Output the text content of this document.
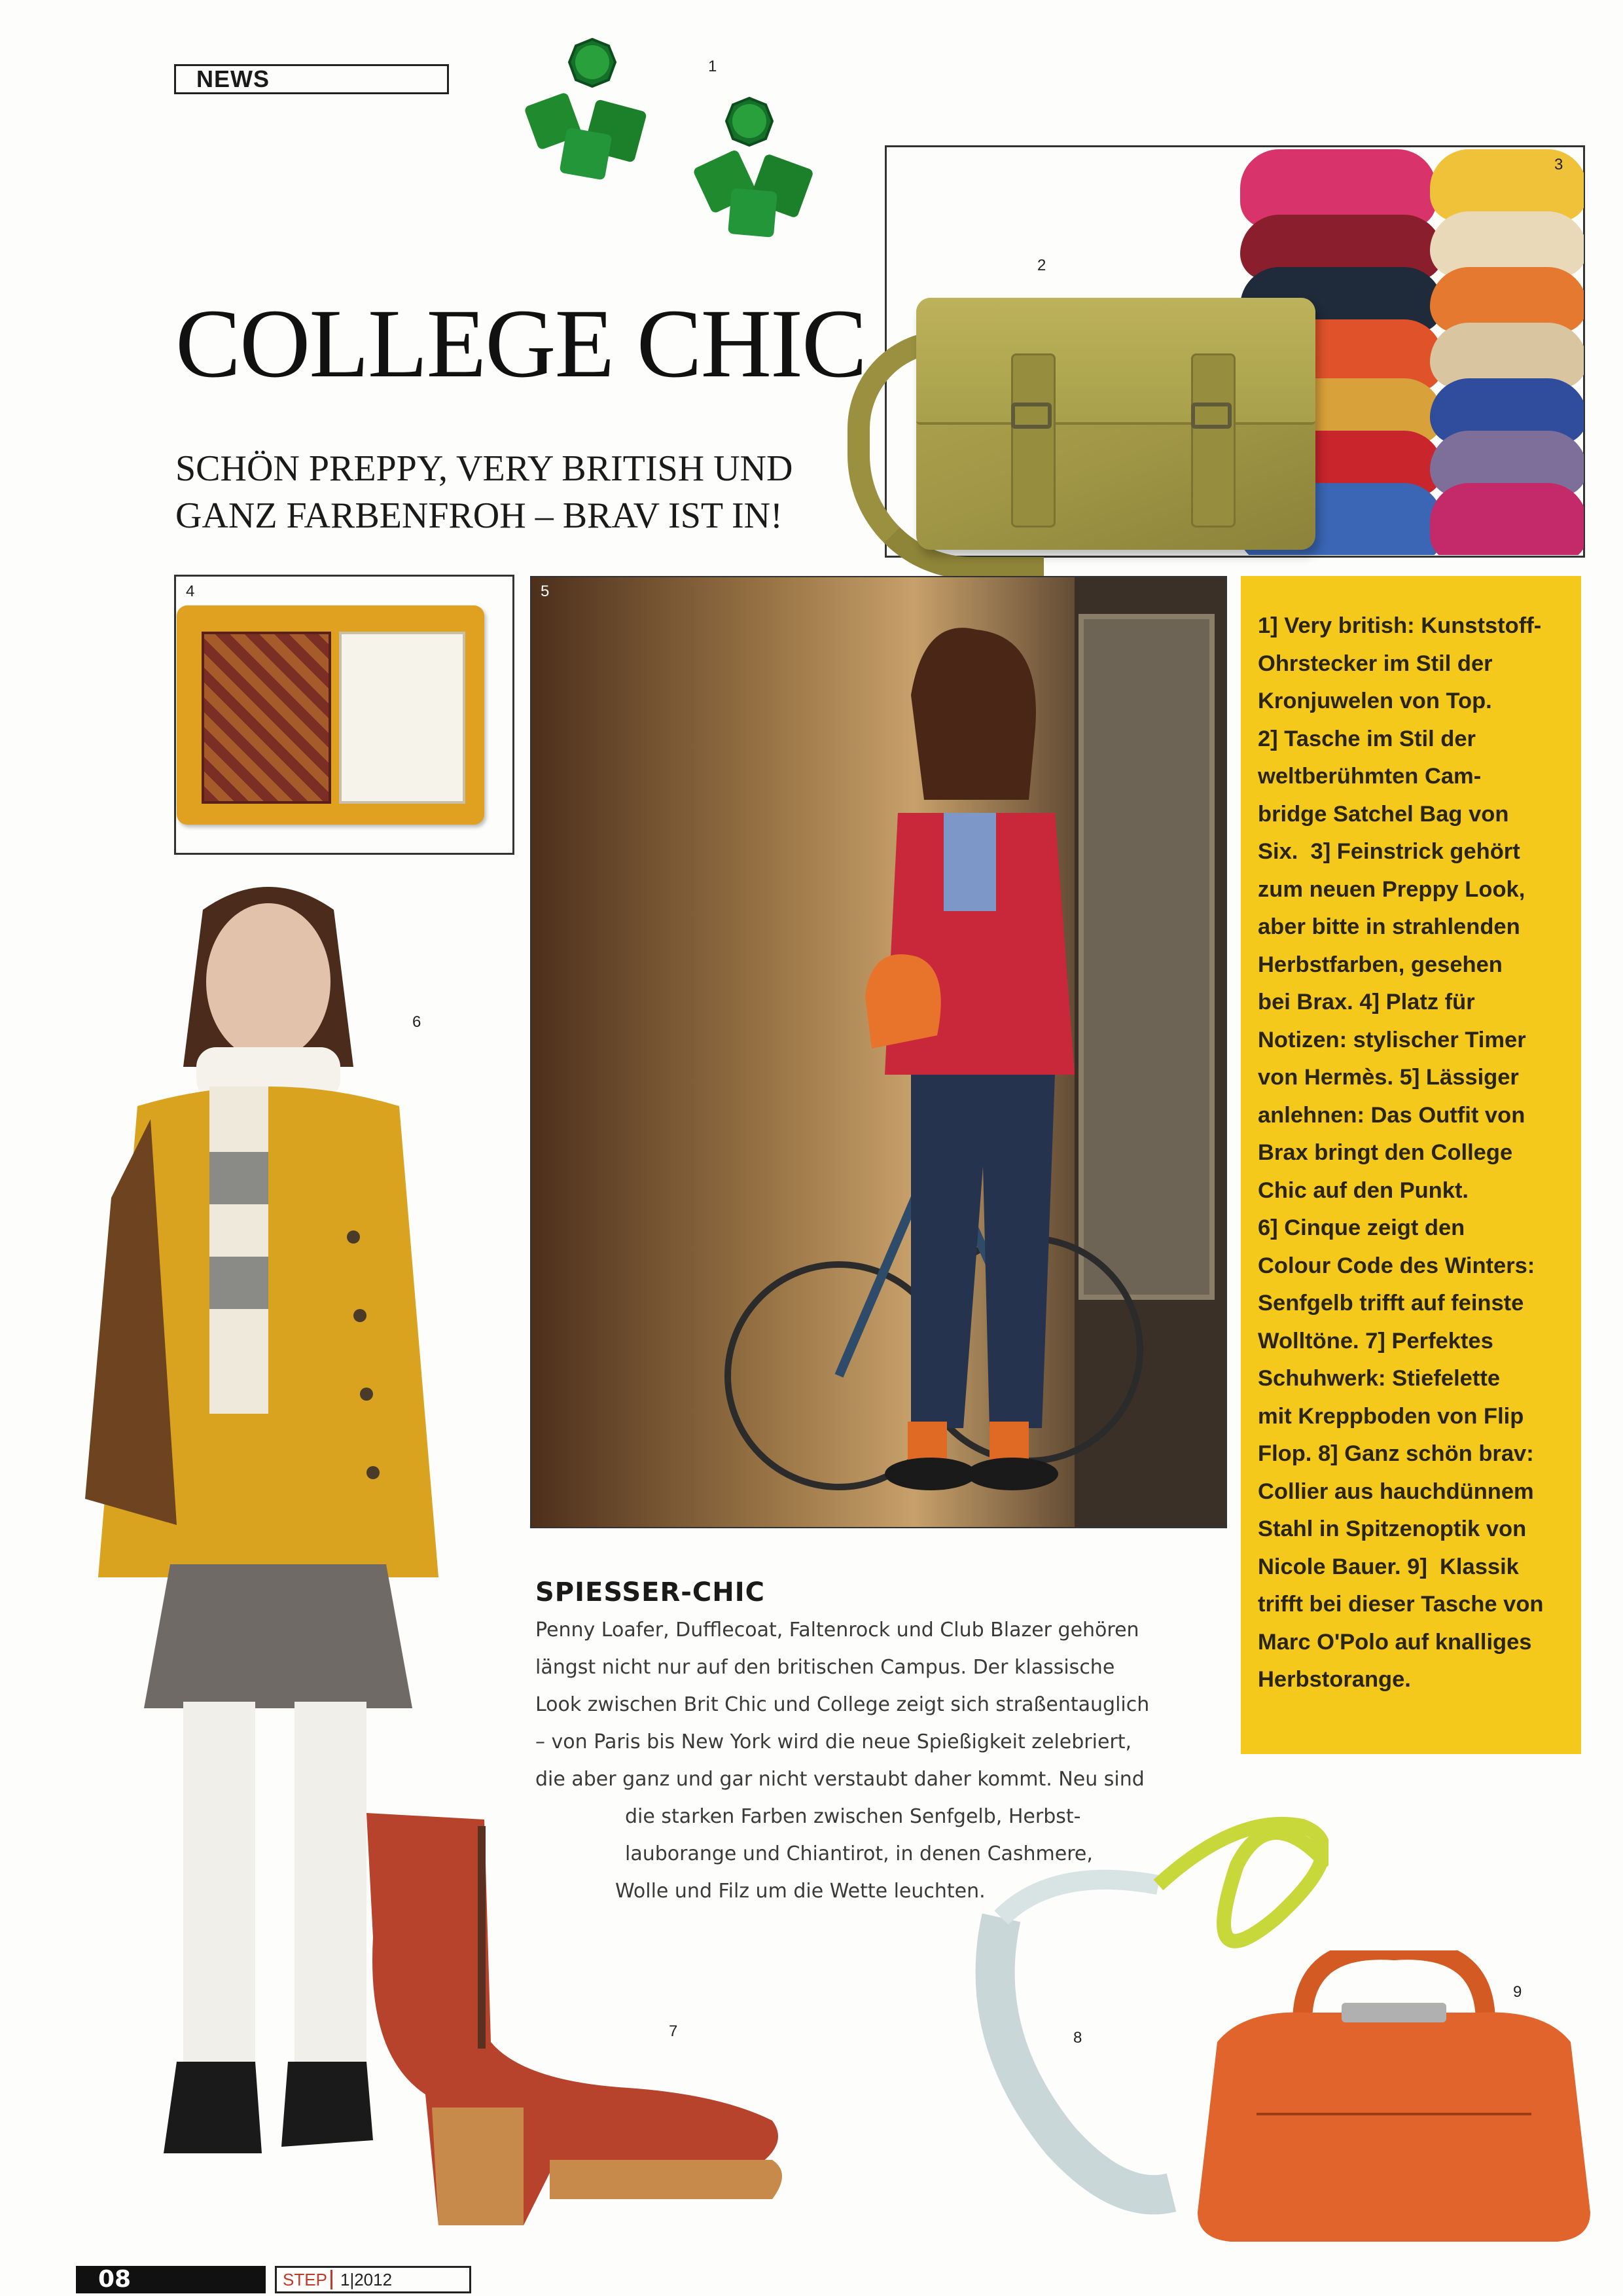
NEWS	1
2
3
COLLEGE CHIC
SCHÖN PREPPY, VERY BRITISH UND
GANZ FARBENFROH – BRAV IST IN!
4	5
1] Very british: Kunststoff-
Ohrstecker im Stil der
Kronjuwelen von Top.
2] Tasche im Stil der
weltberühmten Cam-
bridge Satchel Bag von
Six.  3] Feinstrick gehört
zum neuen Preppy Look,
aber bitte in strahlenden
Herbstfarben, gesehen
bei Brax. 4] Platz für
Notizen: stylischer Timer
von Hermès. 5] Lässiger
anlehnen: Das Outfit von
Brax bringt den College
Chic auf den Punkt.
6] Cinque zeigt den
Colour Code des Winters:
Senfgelb trifft auf feinste
Wolltöne. 7] Perfektes
Schuhwerk: Stiefelette
mit Kreppboden von Flip
Flop. 8] Ganz schön brav:
Collier aus hauchdünnem
Stahl in Spitzenoptik von
Nicole Bauer. 9]  Klassik
trifft bei dieser Tasche von
Marc O'Polo auf knalliges
Herbstorange.
6
SPIESSER-CHIC
Penny Loafer, Dufflecoat, Faltenrock und Club Blazer gehören
längst nicht nur auf den britischen Campus. Der klassische
Look zwischen Brit Chic und College zeigt sich straßentauglich
– von Paris bis New York wird die neue Spießigkeit zelebriert,
die aber ganz und gar nicht verstaubt daher kommt. Neu sind
die starken Farben zwischen Senfgelb, Herbst-
lauborange und Chiantirot, in denen Cashmere,
Wolle und Filz um die Wette leuchten.
7	8
9
08	STEP 1|2012
